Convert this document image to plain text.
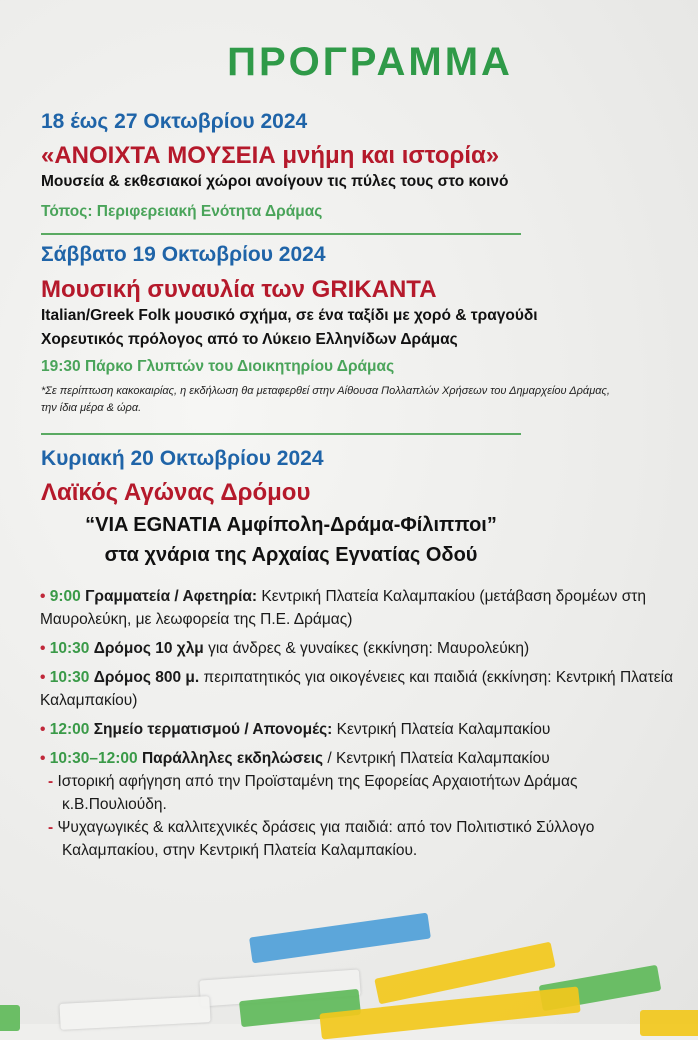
ΠΡΟΓΡΑΜΜΑ
18 έως 27 Οκτωβρίου 2024
«ΑΝΟΙΧΤΑ ΜΟΥΣΕΙΑ μνήμη και ιστορία»
Μουσεία & εκθεσιακοί χώροι ανοίγουν τις πύλες τους στο κοινό
Τόπος: Περιφερειακή Ενότητα Δράμας
Σάββατο 19 Οκτωβρίου 2024
Μουσική συναυλία των GRIKANTA
Italian/Greek Folk μουσικό σχήμα, σε ένα ταξίδι με χορό & τραγούδι
Χορευτικός πρόλογος από το Λύκειο Ελληνίδων Δράμας
19:30 Πάρκο Γλυπτών του Διοικητηρίου Δράμας
*Σε περίπτωση κακοκαιρίας, η εκδήλωση θα μεταφερθεί στην Αίθουσα Πολλαπλών Χρήσεων του Δημαρχείου Δράμας, την ίδια μέρα & ώρα.
Κυριακή 20 Οκτωβρίου 2024
Λαϊκός Αγώνας Δρόμου
“VIA EGNATIA Αμφίπολη-Δράμα-Φίλιπποι”
στα χνάρια της Αρχαίας Εγνατίας Οδού
• 9:00 Γραμματεία / Αφετηρία: Κεντρική Πλατεία Καλαμπακίου (μετάβαση δρομέων στη Μαυρολεύκη, με λεωφορεία της Π.Ε. Δράμας)
• 10:30 Δρόμος 10 χλμ για άνδρες & γυναίκες (εκκίνηση: Μαυρολεύκη)
• 10:30 Δρόμος 800 μ. περιπατητικός για οικογένειες και παιδιά (εκκίνηση: Κεντρική Πλατεία Καλαμπακίου)
• 12:00 Σημείο τερματισμού / Απονομές: Κεντρική Πλατεία Καλαμπακίου
• 10:30–12:00 Παράλληλες εκδηλώσεις / Κεντρική Πλατεία Καλαμπακίου
- Ιστορική αφήγηση από την Προϊσταμένη της Εφορείας Αρχαιοτήτων Δράμας κ.Β.Πουλιούδη.
- Ψυχαγωγικές & καλλιτεχνικές δράσεις για παιδιά: από τον Πολιτιστικό Σύλλογο Καλαμπακίου, στην Κεντρική Πλατεία Καλαμπακίου.
